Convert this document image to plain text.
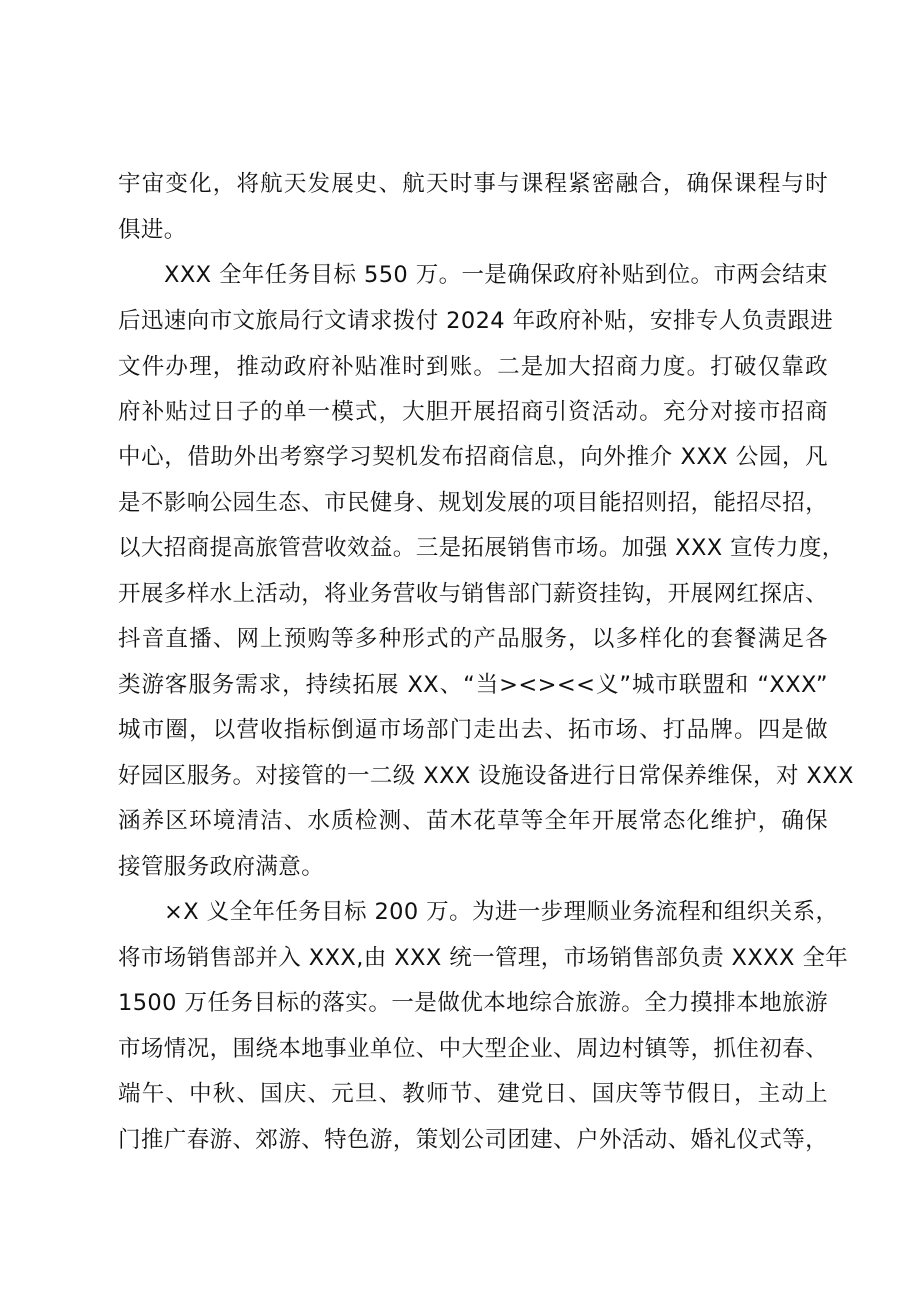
宇宙变化，将航天发展史、航天时事与课程紧密融合，确保课程与时
俱进。
XXX 全年任务目标 550 万。一是确保政府补贴到位。市两会结束
后迅速向市文旅局行文请求拨付 2024 年政府补贴，安排专人负责跟进
文件办理，推动政府补贴准时到账。二是加大招商力度。打破仅靠政
府补贴过日子的单一模式，大胆开展招商引资活动。充分对接市招商
中心，借助外出考察学习契机发布招商信息，向外推介 XXX 公园，凡
是不影响公园生态、市民健身、规划发展的项目能招则招，能招尽招，
以大招商提高旅管营收效益。三是拓展销售市场。加强 XXX 宣传力度，
开展多样水上活动，将业务营收与销售部门薪资挂钩，开展网红探店、
抖音直播、网上预购等多种形式的产品服务，以多样化的套餐满足各
类游客服务需求，持续拓展 XX、“当><><<义”城市联盟和 “XXX”
城市圈，以营收指标倒逼市场部门走出去、拓市场、打品牌。四是做
好园区服务。对接管的一二级 XXX 设施设备进行日常保养维保，对 XXX
涵养区环境清洁、水质检测、苗木花草等全年开展常态化维护，确保
接管服务政府满意。
×X 义全年任务目标 200 万。为进一步理顺业务流程和组织关系，
将市场销售部并入 XXX,由 XXX 统一管理，市场销售部负责 XXXX 全年
1500 万任务目标的落实。一是做优本地综合旅游。全力摸排本地旅游
市场情况，围绕本地事业单位、中大型企业、周边村镇等，抓住初春、
端午、中秋、国庆、元旦、教师节、建党日、国庆等节假日，主动上
门推广春游、郊游、特色游，策划公司团建、户外活动、婚礼仪式等，
